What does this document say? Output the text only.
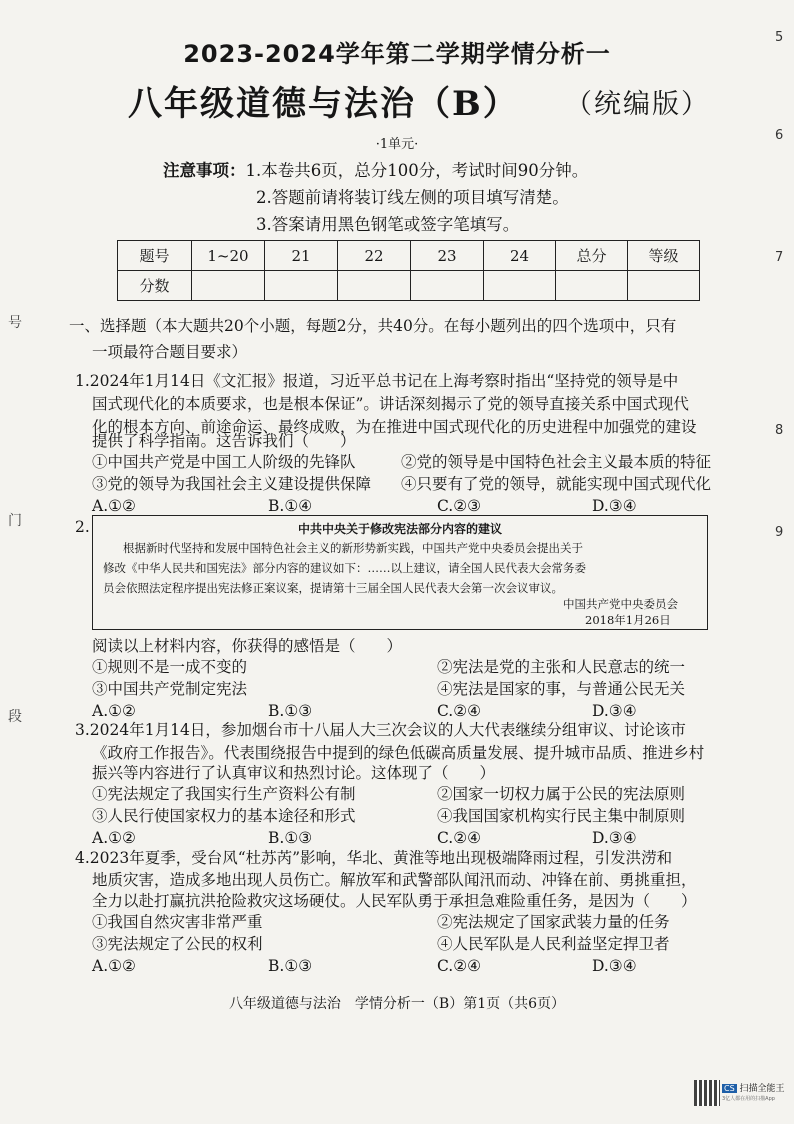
2023-2024学年第二学期学情分析一
八年级道德与法治（B） （统编版）
·1单元·
注意事项：1.本卷共6页，总分100分，考试时间90分钟。
2.答题前请将装订线左侧的项目填写清楚。
3.答案请用黑色钢笔或签字笔填写。
题号	1~20	21	22	23	24	总分	等级
分数							
一、选择题（本大题共20个小题，每题2分，共40分。在每小题列出的四个选项中，只有
一项最符合题目要求）
1.2024年1月14日《文汇报》报道，习近平总书记在上海考察时指出“坚持党的领导是中
国式现代化的本质要求，也是根本保证”。讲话深刻揭示了党的领导直接关系中国式现代
化的根本方向、前途命运、最终成败，为在推进中国式现代化的历史进程中加强党的建设
提供了科学指南。这告诉我们（　　）
①中国共产党是中国工人阶级的先锋队	②党的领导是中国特色社会主义最本质的特征
③党的领导为我国社会主义建设提供保障 ④只要有了党的领导，就能实现中国式现代化
A.①②	B.①④	C.②③	D.③④
2.	中共中央关于修改宪法部分内容的建议
根据新时代坚持和发展中国特色社会主义的新形势新实践，中国共产党中央委员会提出关于
修改《中华人民共和国宪法》部分内容的建议如下：……以上建议，请全国人民代表大会常务委
员会依照法定程序提出宪法修正案议案，提请第十三届全国人民代表大会第一次会议审议。
中国共产党中央委员会
2018年1月26日
阅读以上材料内容，你获得的感悟是（　　）
①规则不是一成不变的	②宪法是党的主张和人民意志的统一
③中国共产党制定宪法	④宪法是国家的事，与普通公民无关
A.①②	B.①③	C.②④	D.③④
3.2024年1月14日，参加烟台市十八届人大三次会议的人大代表继续分组审议、讨论该市
《政府工作报告》。代表围绕报告中提到的绿色低碳高质量发展、提升城市品质、推进乡村
振兴等内容进行了认真审议和热烈讨论。这体现了（　　）
①宪法规定了我国实行生产资料公有制	②国家一切权力属于公民的宪法原则
③人民行使国家权力的基本途径和形式	④我国国家机构实行民主集中制原则
A.①②	B.①③	C.②④	D.③④
4.2023年夏季，受台风“杜苏芮”影响，华北、黄淮等地出现极端降雨过程，引发洪涝和
地质灾害，造成多地出现人员伤亡。解放军和武警部队闻汛而动、冲锋在前、勇挑重担，
全力以赴打赢抗洪抢险救灾这场硬仗。人民军队勇于承担急难险重任务，是因为（　　）
①我国自然灾害非常严重	②宪法规定了国家武装力量的任务
③宪法规定了公民的权利	④人民军队是人民利益坚定捍卫者
A.①②	B.①③	C.②④	D.③④
八年级道德与法治　学情分析一（B）第1页（共6页）
5
6
7
8
9
号
门
段
CS 扫描全能王
3亿人都在用的扫描App
